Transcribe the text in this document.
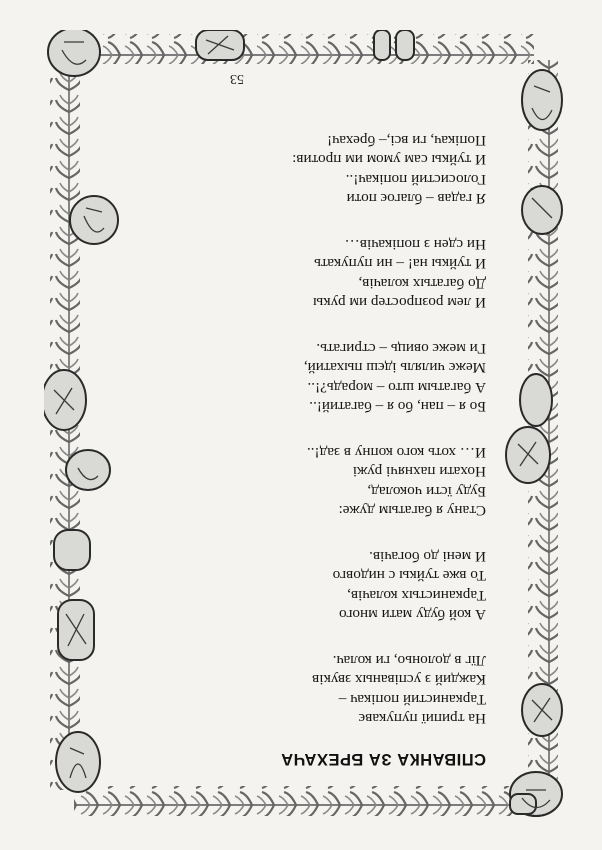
СПІВАНКА ЗА БРЕХАЧА
На трипиї пупукавє
Тарканистий попікач –
Каждий з успіваных звуків
Лїг в долоньо, ги колач.
А кой буду мати много
Тарканистых колачів,
То вже туйкы с нидовго
И мені до богачів.
Стану я багатым дуже:
Буду їсти чоколад,
Нохати пахнячі ружі
И… хоть кого копну в зад!..
Бо я – пан, бо я – багатий!..
А багатым што – морадь?!..
Межє чиляль ідєш пыхатий,
Ги межє овиць – стригать.
И лем розпростер им рукы
До багатых колачів,
И туйкы на! – ни пупукать
Ни сден з попікачів…
Я гадав – благоє поти
Голосистий попікач!..
И туйкы сам умом им против:
Попікач, ги всі,– брехач!
53
